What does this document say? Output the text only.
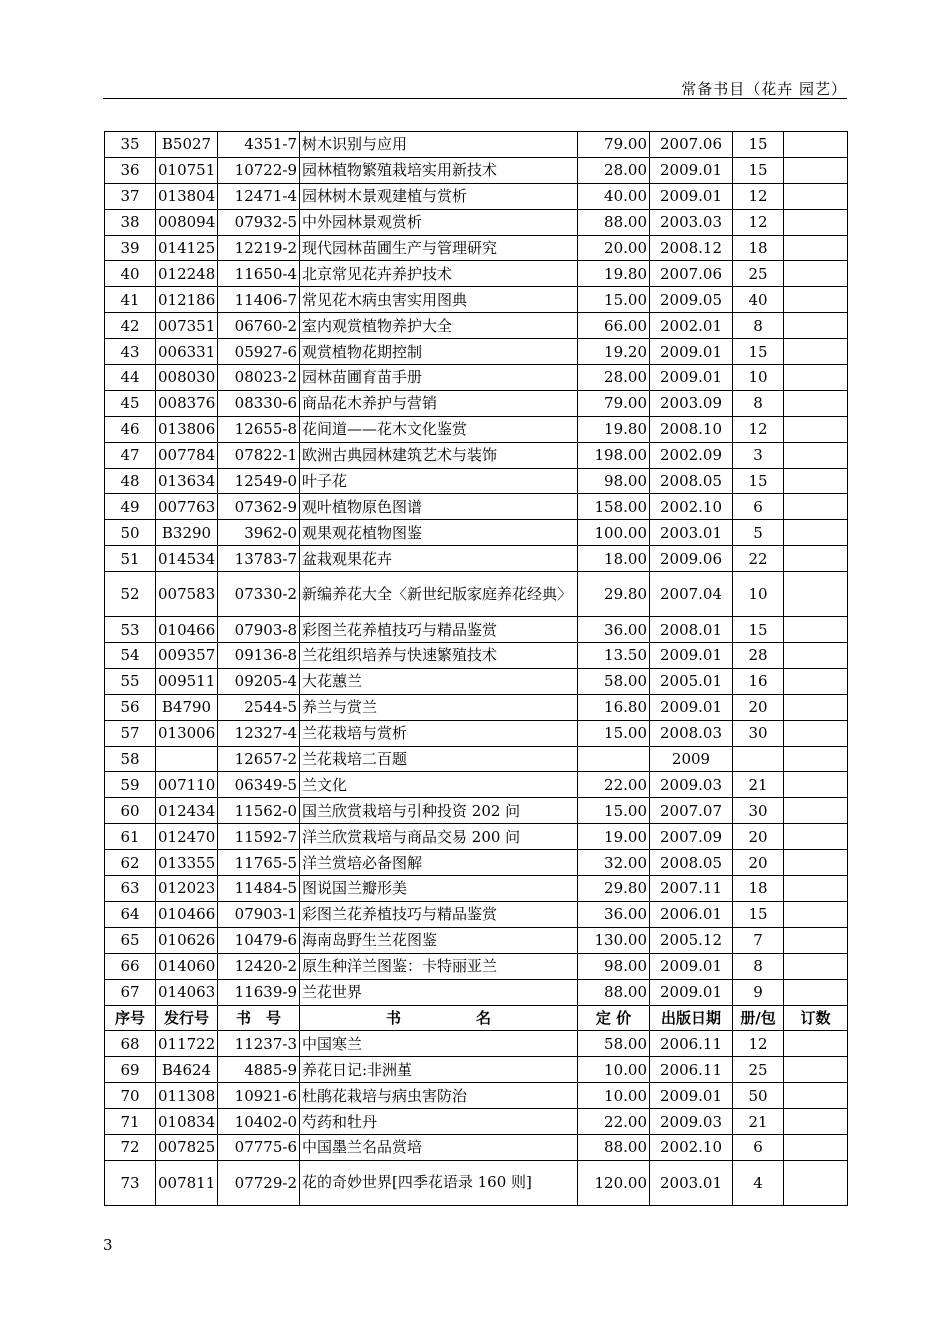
常备书目（花卉 园艺）
35	B5027	4351-7	树木识别与应用	79.00	2007.06	15	
36	010751	10722-9	园林植物繁殖栽培实用新技术	28.00	2009.01	15	
37	013804	12471-4	园林树木景观建植与赏析	40.00	2009.01	12	
38	008094	07932-5	中外园林景观赏析	88.00	2003.03	12	
39	014125	12219-2	现代园林苗圃生产与管理研究	20.00	2008.12	18	
40	012248	11650-4	北京常见花卉养护技术	19.80	2007.06	25	
41	012186	11406-7	常见花木病虫害实用图典	15.00	2009.05	40	
42	007351	06760-2	室内观赏植物养护大全	66.00	2002.01	8	
43	006331	05927-6	观赏植物花期控制	19.20	2009.01	15	
44	008030	08023-2	园林苗圃育苗手册	28.00	2009.01	10	
45	008376	08330-6	商品花木养护与营销	79.00	2003.09	8	
46	013806	12655-8	花间道——花木文化鉴赏	19.80	2008.10	12	
47	007784	07822-1	欧洲古典园林建筑艺术与装饰	198.00	2002.09	3	
48	013634	12549-0	叶子花	98.00	2008.05	15	
49	007763	07362-9	观叶植物原色图谱	158.00	2002.10	6	
50	B3290	3962-0	观果观花植物图鉴	100.00	2003.01	5	
51	014534	13783-7	盆栽观果花卉	18.00	2009.06	22	
52	007583	07330-2	新编养花大全〈新世纪版家庭养花经典〉	29.80	2007.04	10	
53	010466	07903-8	彩图兰花养植技巧与精品鉴赏	36.00	2008.01	15	
54	009357	09136-8	兰花组织培养与快速繁殖技术	13.50	2009.01	28	
55	009511	09205-4	大花蕙兰	58.00	2005.01	16	
56	B4790	2544-5	养兰与赏兰	16.80	2009.01	20	
57	013006	12327-4	兰花栽培与赏析	15.00	2008.03	30	
58		12657-2	兰花栽培二百题		2009		
59	007110	06349-5	兰文化	22.00	2009.03	21	
60	012434	11562-0	国兰欣赏栽培与引种投资 202 问	15.00	2007.07	30	
61	012470	11592-7	洋兰欣赏栽培与商品交易 200 问	19.00	2007.09	20	
62	013355	11765-5	洋兰赏培必备图解	32.00	2008.05	20	
63	012023	11484-5	图说国兰瓣形美	29.80	2007.11	18	
64	010466	07903-1	彩图兰花养植技巧与精品鉴赏	36.00	2006.01	15	
65	010626	10479-6	海南岛野生兰花图鉴	130.00	2005.12	7	
66	014060	12420-2	原生种洋兰图鉴：卡特丽亚兰	98.00	2009.01	8	
67	014063	11639-9	兰花世界	88.00	2009.01	9	
序号	发行号	书　号	书　　　　　名	定 价	出版日期	册/包	订数
68	011722	11237-3	中国寒兰	58.00	2006.11	12	
69	B4624	4885-9	养花日记:非洲堇	10.00	2006.11	25	
70	011308	10921-6	杜鹃花栽培与病虫害防治	10.00	2009.01	50	
71	010834	10402-0	芍药和牡丹	22.00	2009.03	21	
72	007825	07775-6	中国墨兰名品赏培	88.00	2002.10	6	
73	007811	07729-2	花的奇妙世界[四季花语录 160 则]	120.00	2003.01	4	
3
